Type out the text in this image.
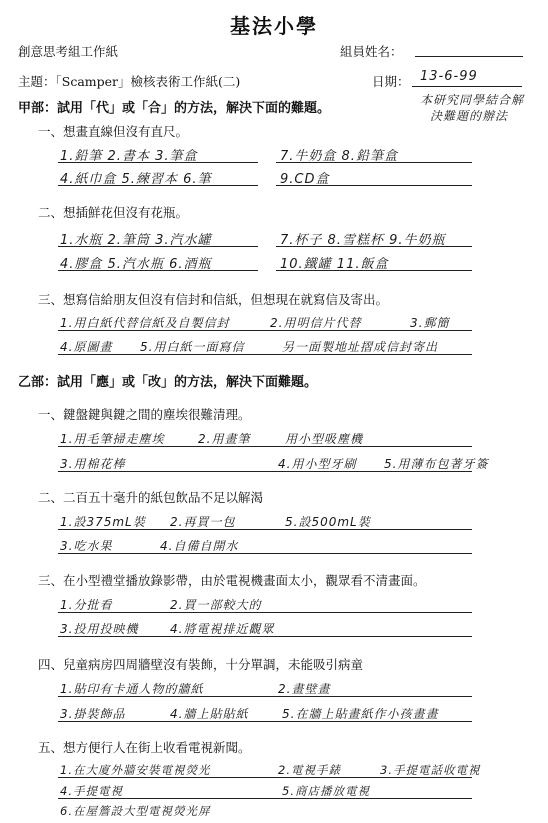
基法小學
創意思考組工作紙	組員姓名：
主題：「Scamper」檢核表術工作紙(二)	日期： 13-6-99
本研究同學結合解
決難題的辦法
甲部：試用「代」或「合」的方法，解決下面的難題。
一、想畫直線但沒有直尺。
1.鉛筆 2.書本 3.筆盒	7.牛奶盒 8.鉛筆盒
4.紙巾盒 5.練習本 6.筆	9.CD盒
二、想插鮮花但沒有花瓶。
1.水瓶 2.筆筒 3.汽水罐	7.杯子 8.雪糕杯 9.牛奶瓶
4.膠盒 5.汽水瓶 6.酒瓶	10.鐵罐 11.飯盒
三、想寫信給朋友但沒有信封和信紙，但想現在就寫信及寄出。
1.用白紙代替信紙及自製信封	2.用明信片代替	3.郵簡
4.原圖畫 5.用白紙一面寫信	另一面製地址摺成信封寄出
乙部：試用「應」或「改」的方法，解決下面難題。
一、鍵盤鍵與鍵之間的塵埃很難清理。
1.用毛筆掃走塵埃	2.用畫筆	用小型吸塵機
3.用棉花棒	4.用小型牙刷 5.用薄布包著牙簽
二、二百五十毫升的紙包飲品不足以解渴
1.設375mL裝 2.再買一包	5.設500mL裝
3.吃水果	4.自備自開水
三、在小型禮堂播放錄影帶，由於電視機畫面太小，觀眾看不清畫面。
1.分批看	2.買一部較大的
3.投用投映機	4.將電視排近觀眾
四、兒童病房四周牆壁沒有裝飾，十分單調，未能吸引病童
1.貼印有卡通人物的牆紙	2.畫壁畫
3.掛裝飾品	4.牆上貼貼紙	5.在牆上貼畫紙作小孩畫畫
五、想方便行人在街上收看電視新聞。
1.在大廈外牆安裝電視熒光	2.電視手錶	3.手提電話收電視
4.手提電視	5.商店播放電視
6.在屋簷設大型電視熒光屏
